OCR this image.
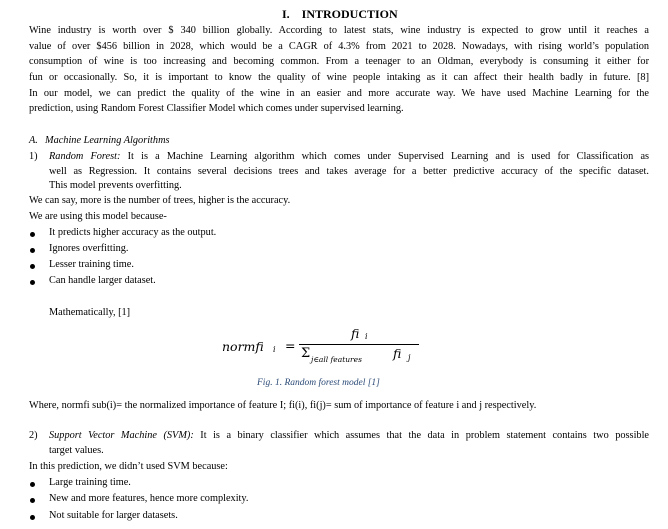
I.    INTRODUCTION
Wine industry is worth over $ 340 billion globally. According to latest stats, wine industry is expected to grow until it reaches a
value of over $456 billion in 2028, which would be a CAGR of 4.3% from 2021 to 2028. Nowadays, with rising world’s population
consumption of wine is too increasing and becoming common. From a teenager to an Oldman, everybody is consuming it either for
fun or occasionally. So, it is important to know the quality of wine people intaking as it can affect their health badly in future. [8]
In our model, we can predict the quality of the wine in an easier and more accurate way. We have used Machine Learning for the
prediction, using Random Forest Classifier Model which comes under supervised learning.
A. Machine Learning Algorithms
1) Random Forest: It is a Machine Learning algorithm which comes under Supervised Learning and is used for Classification as
well as Regression. It contains several decisions trees and takes average for a better predictive accuracy of the specific dataset.
This model prevents overfitting.
We can say, more is the number of trees, higher is the accuracy.
We are using this model because-
It predicts higher accuracy as the output.
Ignores overfitting.
Lesser training time.
Can handle larger dataset.
Mathematically, [1]
normfi i =
fi i
Σ j∈all features fi j
Fig. 1. Random forest model [1]
Where, normfi sub(i)= the normalized importance of feature I; fi(i), fi(j)= sum of importance of feature i and j respectively.
2) Support Vector Machine (SVM): It is a binary classifier which assumes that the data in problem statement contains two possible
target values.
In this prediction, we didn’t used SVM because:
Large training time.
New and more features, hence more complexity.
Not suitable for larger datasets.
